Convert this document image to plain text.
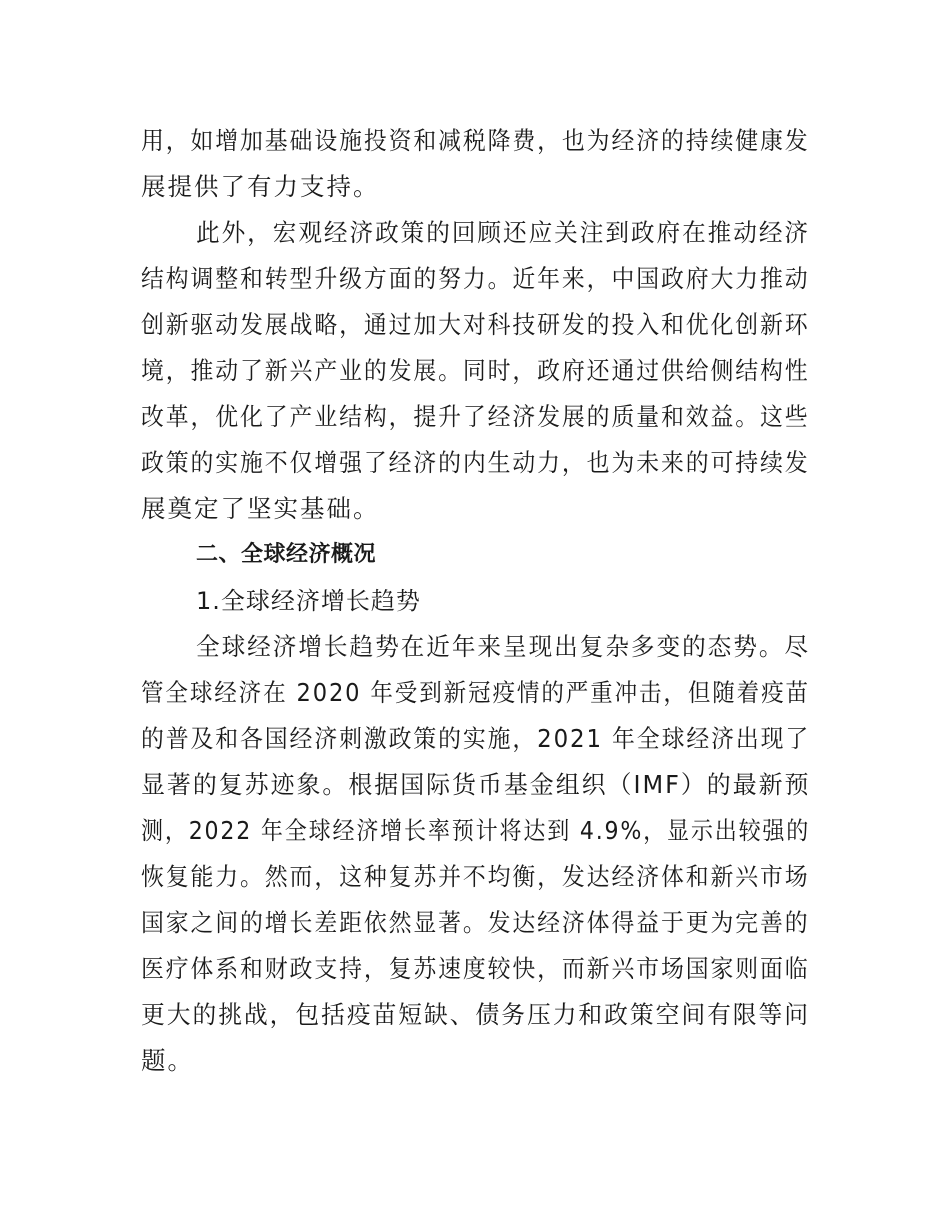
用，如增加基础设施投资和减税降费，也为经济的持续健康发
展提供了有力支持。
此外，宏观经济政策的回顾还应关注到政府在推动经济
结构调整和转型升级方面的努力。近年来，中国政府大力推动
创新驱动发展战略，通过加大对科技研发的投入和优化创新环
境，推动了新兴产业的发展。同时，政府还通过供给侧结构性
改革，优化了产业结构，提升了经济发展的质量和效益。这些
政策的实施不仅增强了经济的内生动力，也为未来的可持续发
展奠定了坚实基础。
二、全球经济概况
1.全球经济增长趋势
全球经济增长趋势在近年来呈现出复杂多变的态势。尽
管全球经济在 2020 年受到新冠疫情的严重冲击，但随着疫苗
的普及和各国经济刺激政策的实施，2021 年全球经济出现了
显著的复苏迹象。根据国际货币基金组织（IMF）的最新预
测，2022 年全球经济增长率预计将达到 4.9%，显示出较强的
恢复能力。然而，这种复苏并不均衡，发达经济体和新兴市场
国家之间的增长差距依然显著。发达经济体得益于更为完善的
医疗体系和财政支持，复苏速度较快，而新兴市场国家则面临
更大的挑战，包括疫苗短缺、债务压力和政策空间有限等问
题。
